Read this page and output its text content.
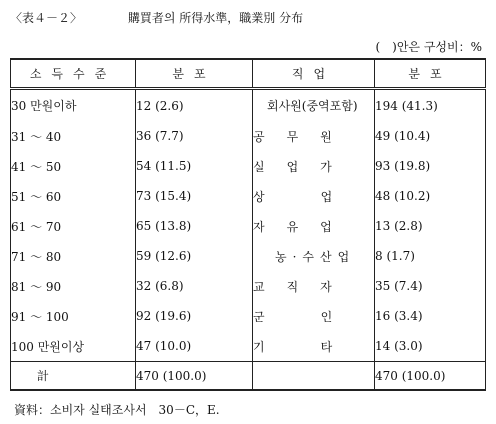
〈表４－２〉	購買者의 所得水準，職業別 分布
(　)안은 구성비：%
소득수준	분포	직업	분포
30 만원이하	12 (2.6)	회사원(중역포함)	194 (41.3)
31 ～ 40	36 (7.7)	공무원	49 (10.4)
41 ～ 50	54 (11.5)	실업가	93 (19.8)
51 ～ 60	73 (15.4)	상　업	48 (10.2)
61 ～ 70	65 (13.8)	자유업	13 (2.8)
71 ～ 80	59 (12.6)	농·수산업	8 (1.7)
81 ～ 90	32 (6.8)	교직자	35 (7.4)
91 ～ 100	92 (19.6)	군　인	16 (3.4)
100 만원이상	47 (10.0)	기　타	14 (3.0)
計	470 (100.0)		470 (100.0)
資料：소비자 실태조사서　30－C，E.
